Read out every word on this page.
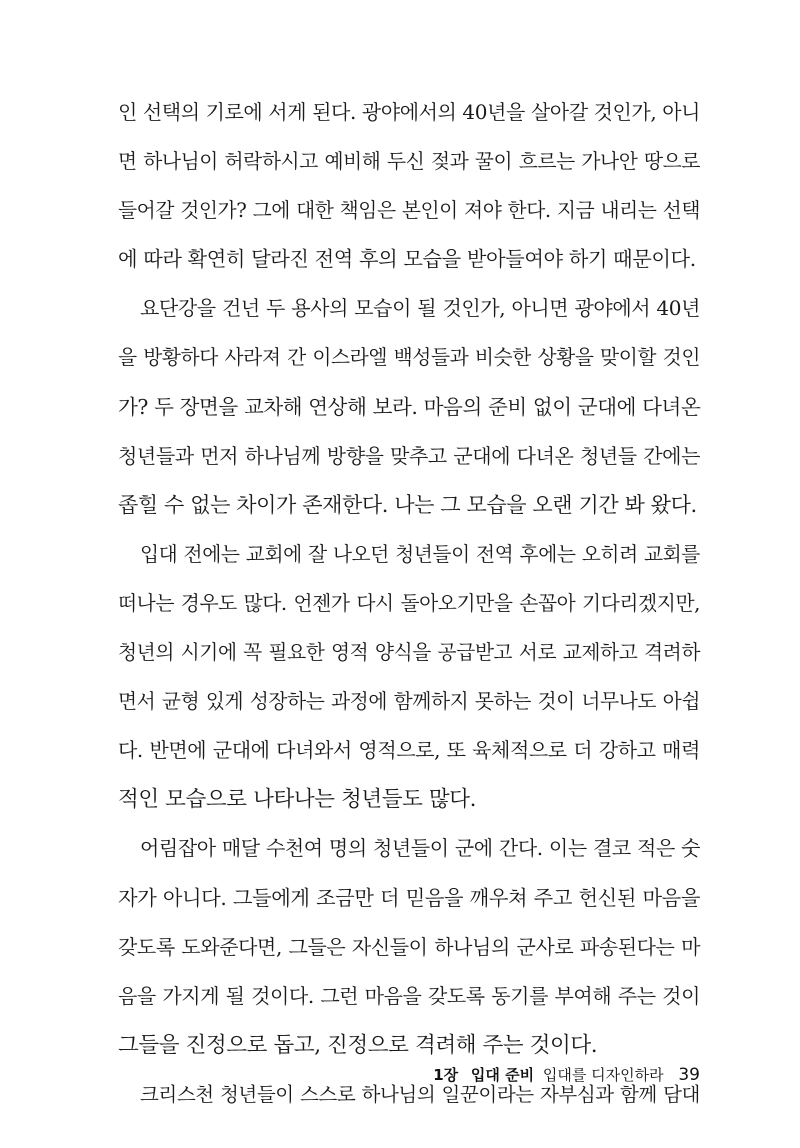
인 선택의 기로에 서게 된다. 광야에서의 40년을 살아갈 것인가, 아니
면 하나님이 허락하시고 예비해 두신 젖과 꿀이 흐르는 가나안 땅으로
들어갈 것인가? 그에 대한 책임은 본인이 져야 한다. 지금 내리는 선택
에 따라 확연히 달라진 전역 후의 모습을 받아들여야 하기 때문이다.
요단강을 건넌 두 용사의 모습이 될 것인가, 아니면 광야에서 40년
을 방황하다 사라져 간 이스라엘 백성들과 비슷한 상황을 맞이할 것인
가? 두 장면을 교차해 연상해 보라. 마음의 준비 없이 군대에 다녀온
청년들과 먼저 하나님께 방향을 맞추고 군대에 다녀온 청년들 간에는
좁힐 수 없는 차이가 존재한다. 나는 그 모습을 오랜 기간 봐 왔다.
입대 전에는 교회에 잘 나오던 청년들이 전역 후에는 오히려 교회를
떠나는 경우도 많다. 언젠가 다시 돌아오기만을 손꼽아 기다리겠지만,
청년의 시기에 꼭 필요한 영적 양식을 공급받고 서로 교제하고 격려하
면서 균형 있게 성장하는 과정에 함께하지 못하는 것이 너무나도 아쉽
다. 반면에 군대에 다녀와서 영적으로, 또 육체적으로 더 강하고 매력
적인 모습으로 나타나는 청년들도 많다.
어림잡아 매달 수천여 명의 청년들이 군에 간다. 이는 결코 적은 숫
자가 아니다. 그들에게 조금만 더 믿음을 깨우쳐 주고 헌신된 마음을
갖도록 도와준다면, 그들은 자신들이 하나님의 군사로 파송된다는 마
음을 가지게 될 것이다. 그런 마음을 갖도록 동기를 부여해 주는 것이
그들을 진정으로 돕고, 진정으로 격려해 주는 것이다.
크리스천 청년들이 스스로 하나님의 일꾼이라는 자부심과 함께 담대
1장 입대 준비 입대를 디자인하라 39
